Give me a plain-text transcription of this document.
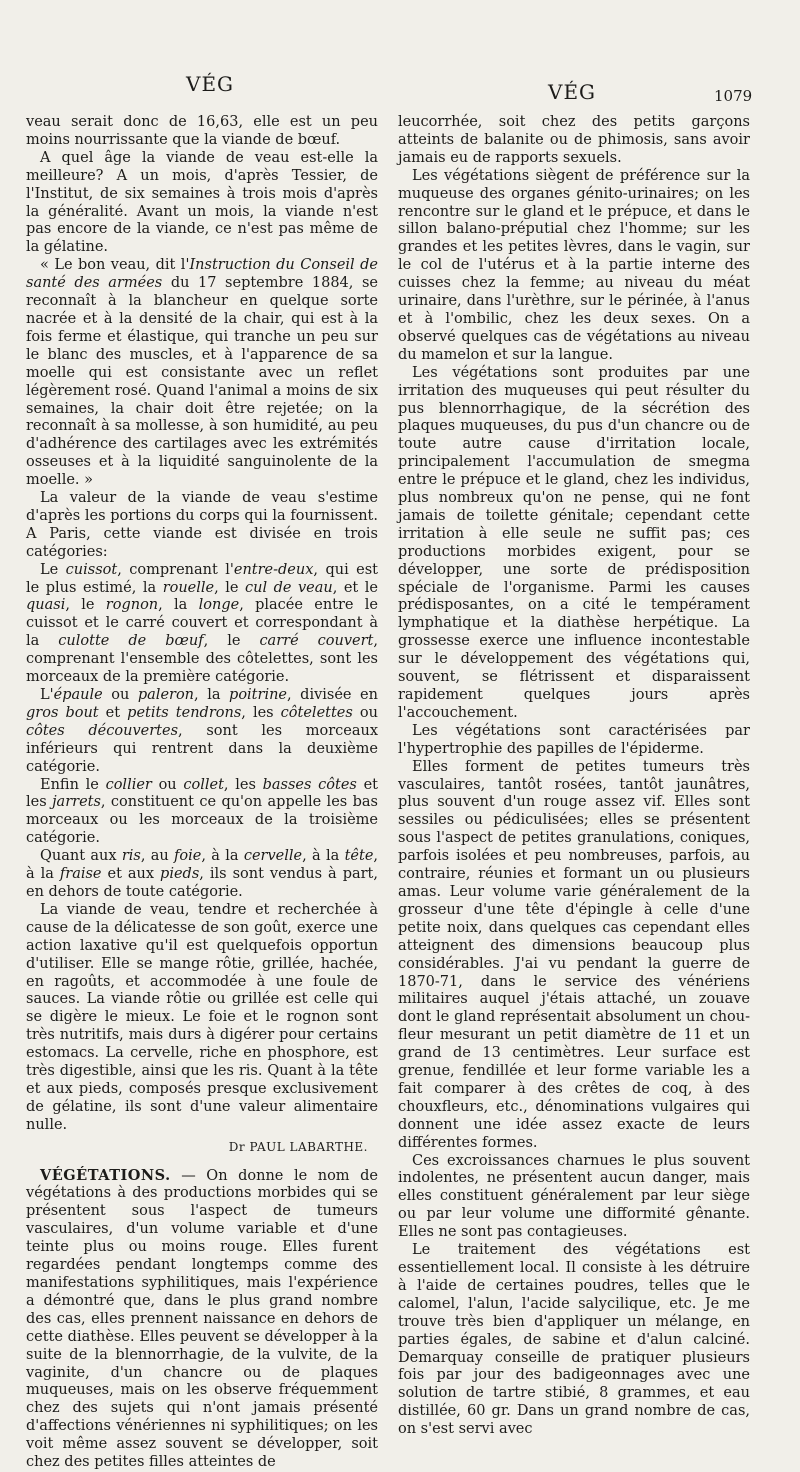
VÉG	VÉG	1079

veau serait donc de 16,63, elle est un peu moins nourrissante que la viande de bœuf.

A quel âge la viande de veau est-elle la meilleure? A un mois, d'après Tessier, de l'Institut, de six semaines à trois mois d'après la généralité. Avant un mois, la viande n'est pas encore de la viande, ce n'est pas même de la gélatine.

« Le bon veau, dit l'Instruction du Conseil de santé des armées du 17 septembre 1884, se reconnaît à la blancheur en quelque sorte nacrée et à la densité de la chair, qui est à la fois ferme et élastique, qui tranche un peu sur le blanc des muscles, et à l'apparence de sa moelle qui est consistante avec un reflet légèrement rosé. Quand l'animal a moins de six semaines, la chair doit être rejetée; on la reconnaît à sa mollesse, à son humidité, au peu d'adhérence des cartilages avec les extrémités osseuses et à la liquidité sanguinolente de la moelle. »

La valeur de la viande de veau s'estime d'après les portions du corps qui la fournissent. A Paris, cette viande est divisée en trois catégories:

Le cuissot, comprenant l'entre-deux, qui est le plus estimé, la rouelle, le cul de veau, et le quasi, le rognon, la longe, placée entre le cuissot et le carré couvert et correspondant à la culotte de bœuf, le carré couvert, comprenant l'ensemble des côtelettes, sont les morceaux de la première catégorie.

L'épaule ou paleron, la poitrine, divisée en gros bout et petits tendrons, les côtelettes ou côtes découvertes, sont les morceaux inférieurs qui rentrent dans la deuxième catégorie.

Enfin le collier ou collet, les basses côtes et les jarrets, constituent ce qu'on appelle les bas morceaux ou les morceaux de la troisième catégorie.

Quant aux ris, au foie, à la cervelle, à la tête, à la fraise et aux pieds, ils sont vendus à part, en dehors de toute catégorie.

La viande de veau, tendre et recherchée à cause de la délicatesse de son goût, exerce une action laxative qu'il est quelquefois opportun d'utiliser. Elle se mange rôtie, grillée, hachée, en ragoûts, et accommodée à une foule de sauces. La viande rôtie ou grillée est celle qui se digère le mieux. Le foie et le rognon sont très nutritifs, mais durs à digérer pour certains estomacs. La cervelle, riche en phosphore, est très digestible, ainsi que les ris. Quant à la tête et aux pieds, composés presque exclusivement de gélatine, ils sont d'une valeur alimentaire nulle.

Dr PAUL LABARTHE.

VÉGÉTATIONS. — On donne le nom de végétations à des productions morbides qui se présentent sous l'aspect de tumeurs vasculaires, d'un volume variable et d'une teinte plus ou moins rouge. Elles furent regardées pendant longtemps comme des manifestations syphilitiques, mais l'expérience a démontré que, dans le plus grand nombre des cas, elles prennent naissance en dehors de cette diathèse. Elles peuvent se développer à la suite de la blennorrhagie, de la vulvite, de la vaginite, d'un chancre ou de plaques muqueuses, mais on les observe fréquemment chez des sujets qui n'ont jamais présenté d'affections vénériennes ni syphilitiques; on les voit même assez souvent se développer, soit chez des petites filles atteintes de

leucorrhée, soit chez des petits garçons atteints de balanite ou de phimosis, sans avoir jamais eu de rapports sexuels.

Les végétations siègent de préférence sur la muqueuse des organes génito-urinaires; on les rencontre sur le gland et le prépuce, et dans le sillon balano-préputial chez l'homme; sur les grandes et les petites lèvres, dans le vagin, sur le col de l'utérus et à la partie interne des cuisses chez la femme; au niveau du méat urinaire, dans l'urèthre, sur le périnée, à l'anus et à l'ombilic, chez les deux sexes. On a observé quelques cas de végétations au niveau du mamelon et sur la langue.

Les végétations sont produites par une irritation des muqueuses qui peut résulter du pus blennorrhagique, de la sécrétion des plaques muqueuses, du pus d'un chancre ou de toute autre cause d'irritation locale, principalement l'accumulation de smegma entre le prépuce et le gland, chez les individus, plus nombreux qu'on ne pense, qui ne font jamais de toilette génitale; cependant cette irritation à elle seule ne suffit pas; ces productions morbides exigent, pour se développer, une sorte de prédisposition spéciale de l'organisme. Parmi les causes prédisposantes, on a cité le tempérament lymphatique et la diathèse herpétique. La grossesse exerce une influence incontestable sur le développement des végétations qui, souvent, se flétrissent et disparaissent rapidement quelques jours après l'accouchement.

Les végétations sont caractérisées par l'hypertrophie des papilles de l'épiderme.

Elles forment de petites tumeurs très vasculaires, tantôt rosées, tantôt jaunâtres, plus souvent d'un rouge assez vif. Elles sont sessiles ou pédiculisées; elles se présentent sous l'aspect de petites granulations, coniques, parfois isolées et peu nombreuses, parfois, au contraire, réunies et formant un ou plusieurs amas. Leur volume varie généralement de la grosseur d'une tête d'épingle à celle d'une petite noix, dans quelques cas cependant elles atteignent des dimensions beaucoup plus considérables. J'ai vu pendant la guerre de 1870-71, dans le service des vénériens militaires auquel j'étais attaché, un zouave dont le gland représentait absolument un chou-fleur mesurant un petit diamètre de 11 et un grand de 13 centimètres. Leur surface est grenue, fendillée et leur forme variable les a fait comparer à des crêtes de coq, à des chouxfleurs, etc., dénominations vulgaires qui donnent une idée assez exacte de leurs différentes formes.

Ces excroissances charnues le plus souvent indolentes, ne présentent aucun danger, mais elles constituent généralement par leur siège ou par leur volume une difformité gênante. Elles ne sont pas contagieuses.

Le traitement des végétations est essentiellement local. Il consiste à les détruire à l'aide de certaines poudres, telles que le calomel, l'alun, l'acide salycilique, etc. Je me trouve très bien d'appliquer un mélange, en parties égales, de sabine et d'alun calciné. Demarquay conseille de pratiquer plusieurs fois par jour des badigeonnages avec une solution de tartre stibié, 8 grammes, et eau distillée, 60 gr. Dans un grand nombre de cas, on s'est servi avec
